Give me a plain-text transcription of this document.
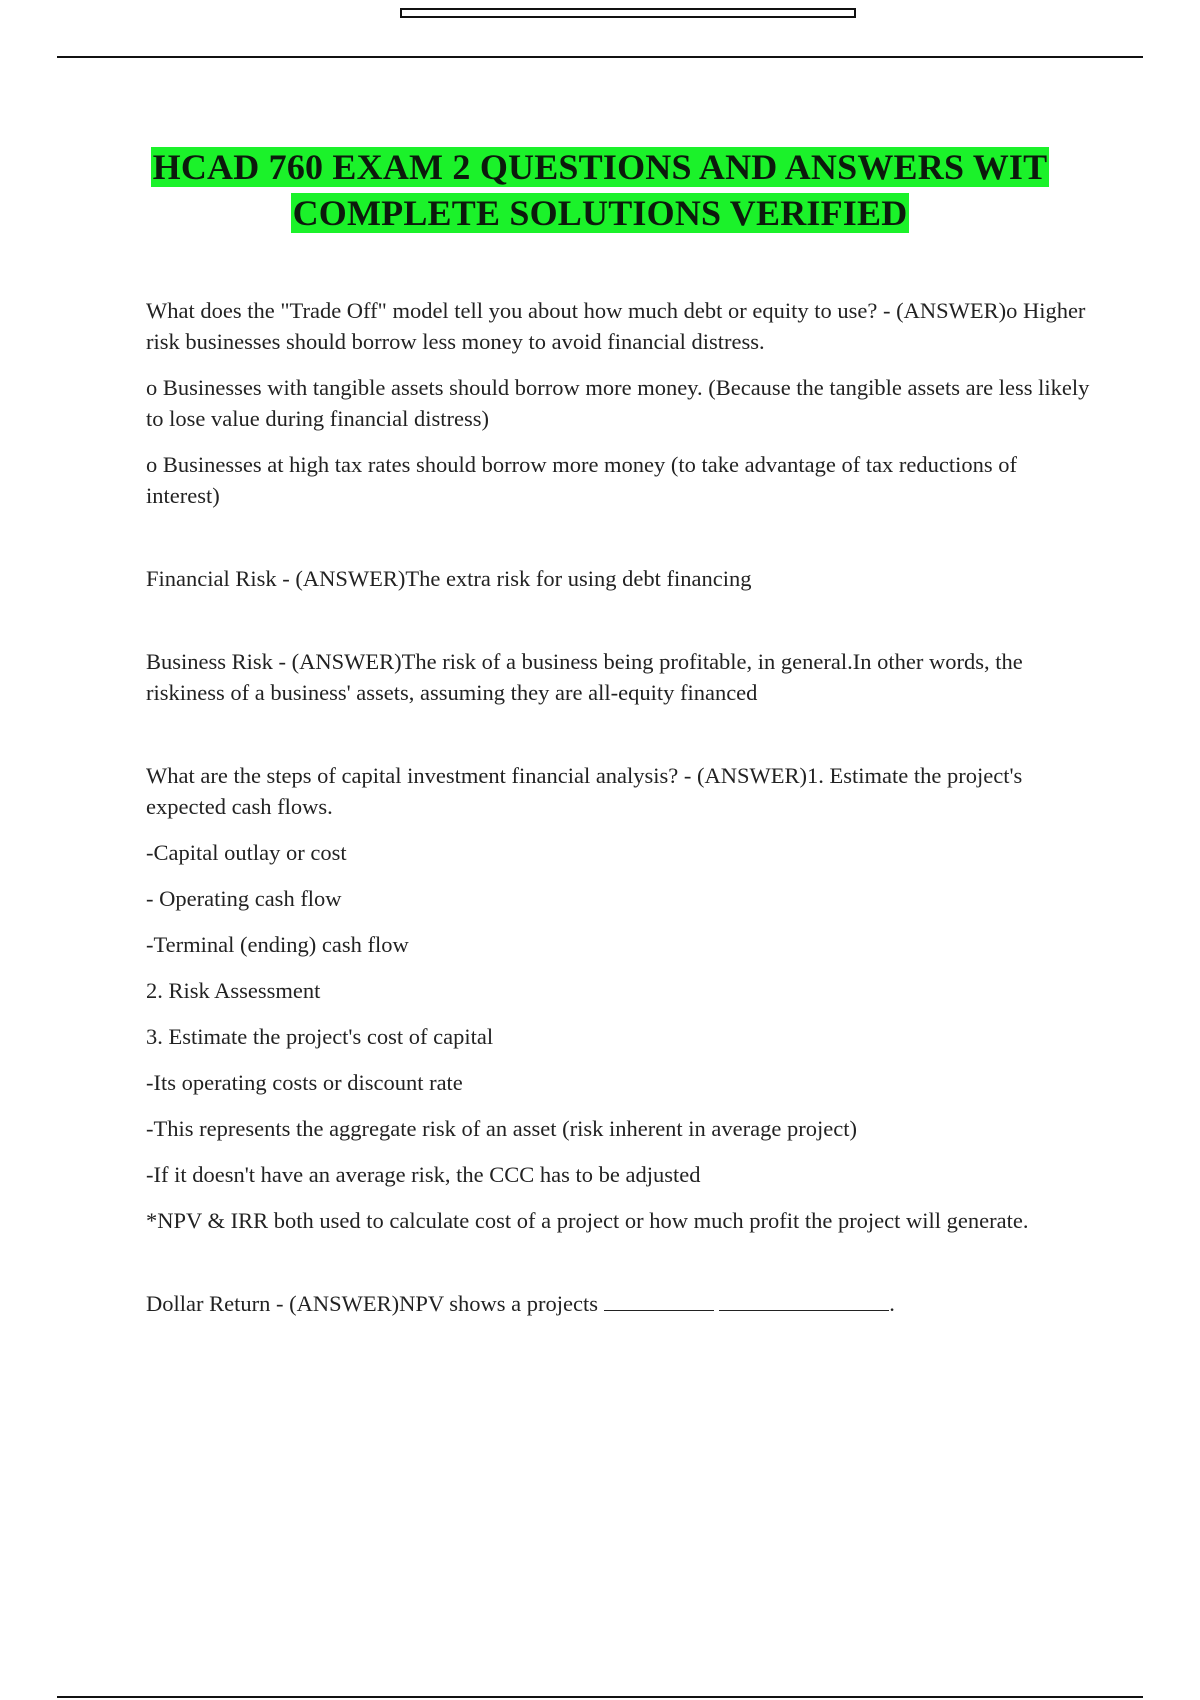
HCAD 760 EXAM 2 QUESTIONS AND ANSWERS WIT
COMPLETE SOLUTIONS VERIFIED

What does the "Trade Off" model tell you about how much debt or equity to use? - (ANSWER)o Higher risk businesses should borrow less money to avoid financial distress.

o Businesses with tangible assets should borrow more money. (Because the tangible assets are less likely to lose value during financial distress)

o Businesses at high tax rates should borrow more money (to take advantage of tax reductions of interest)

Financial Risk - (ANSWER)The extra risk for using debt financing

Business Risk - (ANSWER)The risk of a business being profitable, in general.In other words, the riskiness of a business' assets, assuming they are all-equity financed

What are the steps of capital investment financial analysis? - (ANSWER)1. Estimate the project's expected cash flows.

-Capital outlay or cost

- Operating cash flow

-Terminal (ending) cash flow

2. Risk Assessment

3. Estimate the project's cost of capital

-Its operating costs or discount rate

-This represents the aggregate risk of an asset (risk inherent in average project)

-If it doesn't have an average risk, the CCC has to be adjusted

*NPV & IRR both used to calculate cost of a project or how much profit the project will generate.

Dollar Return - (ANSWER)NPV shows a projects	.
